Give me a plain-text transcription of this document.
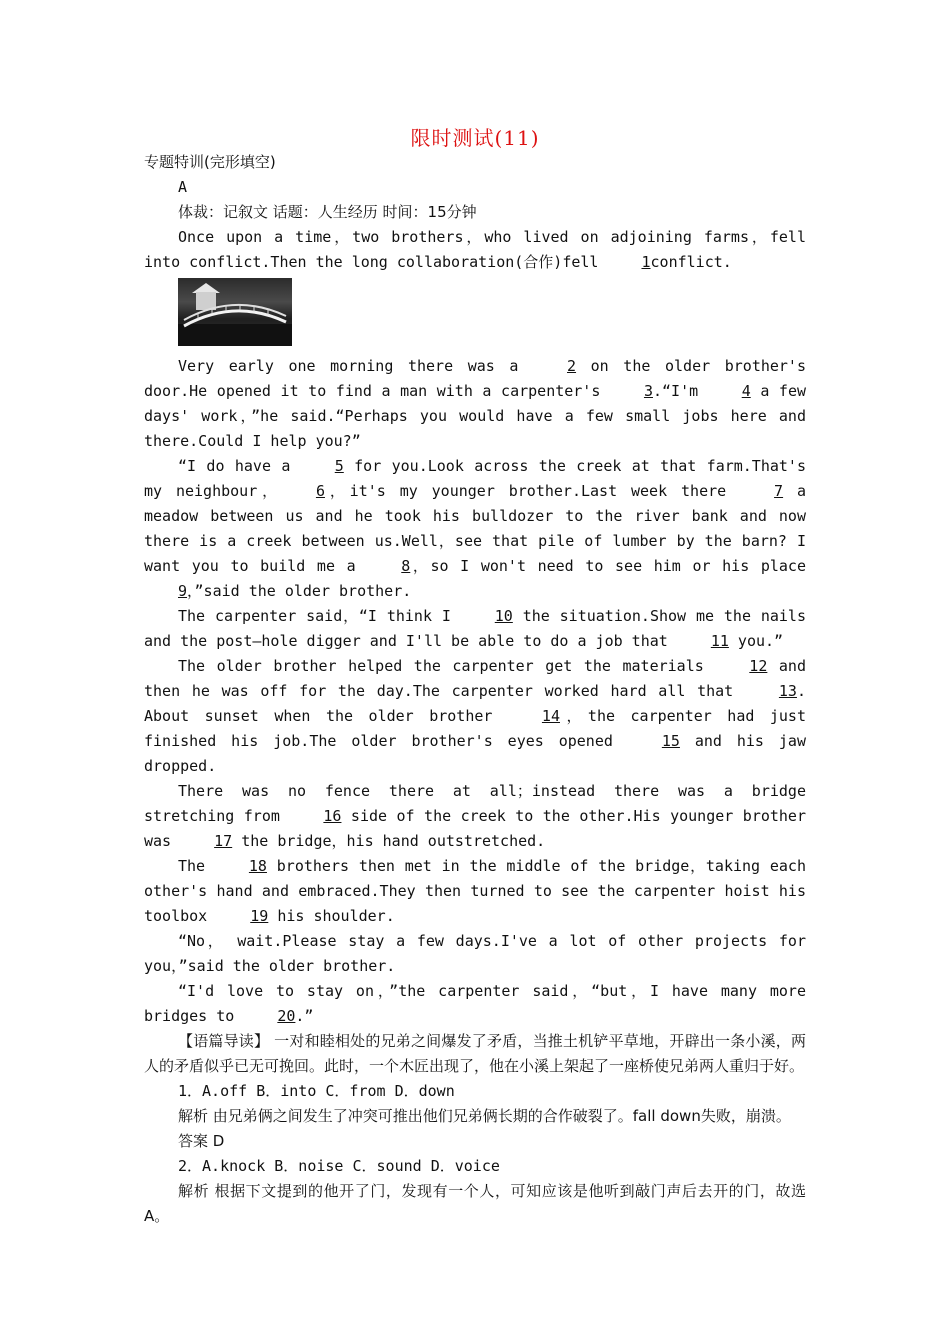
限时测试(11)
专题特训(完形填空)
A
体裁：记叙文 话题：人生经历 时间：15分钟

Once upon a time，two brothers，who lived on adjoining farms，fell into conflict.Then the long collaboration(合作)fell 1conflict.

Very early one morning there was a 2 on the older brother's door.He opened it to find a man with a carpenter's 3.“I'm 4 a few days' work，”he said.“Perhaps you would have a few small jobs here and there.Could I help you?”

“I do have a 5 for you.Look across the creek at that farm.That's my neighbour， 6，it's my younger brother.Last week there 7 a meadow between us and he took his bulldozer to the river bank and now there is a creek between us.Well，see that pile of lumber by the barn? I want you to build me a 8，so I won't need to see him or his place 9，”said the older brother.

The carpenter said，“I think I 10 the situation.Show me the nails and the post—hole digger and I'll be able to do a job that 11 you.”

The older brother helped the carpenter get the materials 12 and then he was off for the day.The carpenter worked hard all that 13. About sunset when the older brother 14，the carpenter had just finished his job.The older brother's eyes opened 15 and his jaw dropped.

There was no fence there at all；instead there was a bridge stretching from 16 side of the creek to the other.His younger brother was 17 the bridge，his hand outstretched.

The 18 brothers then met in the middle of the bridge，taking each other's hand and embraced.They then turned to see the carpenter hoist his toolbox 19 his shoulder.

“No， wait.Please stay a few days.I've a lot of other projects for you，”said the older brother.

“I'd love to stay on，”the carpenter said，“but，I have many more bridges to 20.”

【语篇导读】 一对和睦相处的兄弟之间爆发了矛盾，当推土机铲平草地，开辟出一条小溪，两人的矛盾似乎已无可挽回。此时，一个木匠出现了，他在小溪上架起了一座桥使兄弟两人重归于好。

1．A.off B．into C．from D．down

解析 由兄弟俩之间发生了冲突可推出他们兄弟俩长期的合作破裂了。fall down失败，崩溃。

答案 D
2．A.knock B．noise C．sound D．voice

解析 根据下文提到的他开了门，发现有一个人，可知应该是他听到敲门声后去开的门，故选A。
